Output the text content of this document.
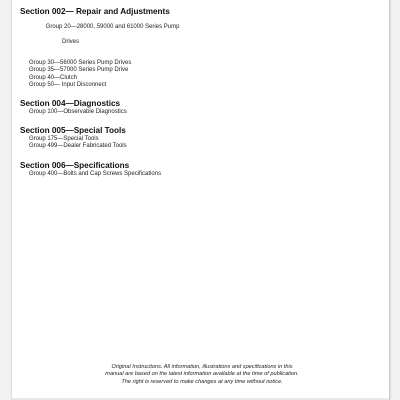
Section 002— Repair and Adjustments

Group 20—28000, 59000 and 61000 Series Pump

Drives

Group 30—56000 Series Pump Drives
Group 35—57000 Series Pump Drive
Group 40—Clutch
Group 50— Input Disconnect
Section 004—Diagnostics
Group 100—Observable Diagnostics
Section 005—Special Tools
Group 175—Special Tools
Group 499—Dealer Fabricated Tools
Section 006—Specifications
Group 400—Bolts and Cap Screws Specifications
Original Instructions. All information, illustrations and specifications in this
manual are based on the latest information available at the time of publication.
The right is reserved to make changes at any time without notice.
